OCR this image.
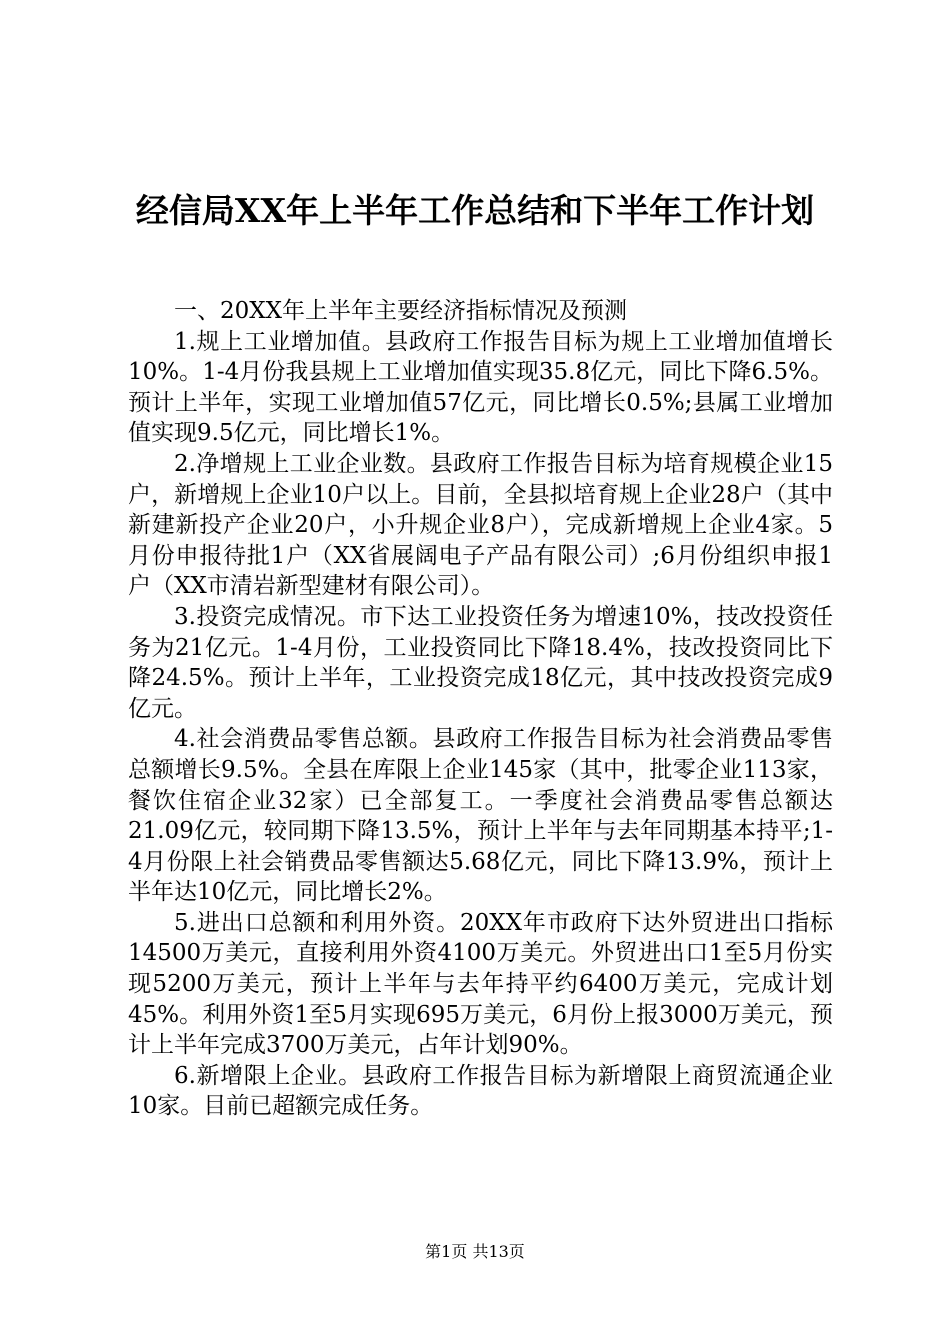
经信局XX年上半年工作总结和下半年工作计划

一、20XX年上半年主要经济指标情况及预测

1.规上工业增加值。县政府工作报告目标为规上工业增加值增长10%。1-4月份我县规上工业增加值实现35.8亿元，同比下降6.5%。预计上半年，实现工业增加值57亿元，同比增长0.5%;县属工业增加值实现9.5亿元，同比增长1%。

2.净增规上工业企业数。县政府工作报告目标为培育规模企业15户，新增规上企业10户以上。目前，全县拟培育规上企业28户（其中新建新投产企业20户，小升规企业8户），完成新增规上企业4家。5月份申报待批1户（XX省展阔电子产品有限公司）;6月份组织申报1户（XX市清岩新型建材有限公司）。

3.投资完成情况。市下达工业投资任务为增速10%，技改投资任务为21亿元。1-4月份，工业投资同比下降18.4%，技改投资同比下降24.5%。预计上半年，工业投资完成18亿元，其中技改投资完成9亿元。

4.社会消费品零售总额。县政府工作报告目标为社会消费品零售总额增长9.5%。全县在库限上企业145家（其中，批零企业113家，餐饮住宿企业32家）已全部复工。一季度社会消费品零售总额达21.09亿元，较同期下降13.5%，预计上半年与去年同期基本持平;1-4月份限上社会销费品零售额达5.68亿元，同比下降13.9%，预计上半年达10亿元，同比增长2%。

5.进出口总额和利用外资。20XX年市政府下达外贸进出口指标14500万美元，直接利用外资4100万美元。外贸进出口1至5月份实现5200万美元，预计上半年与去年持平约6400万美元，完成计划45%。利用外资1至5月实现695万美元，6月份上报3000万美元，预计上半年完成3700万美元，占年计划90%。

6.新增限上企业。县政府工作报告目标为新增限上商贸流通企业10家。目前已超额完成任务。

第1页 共13页
